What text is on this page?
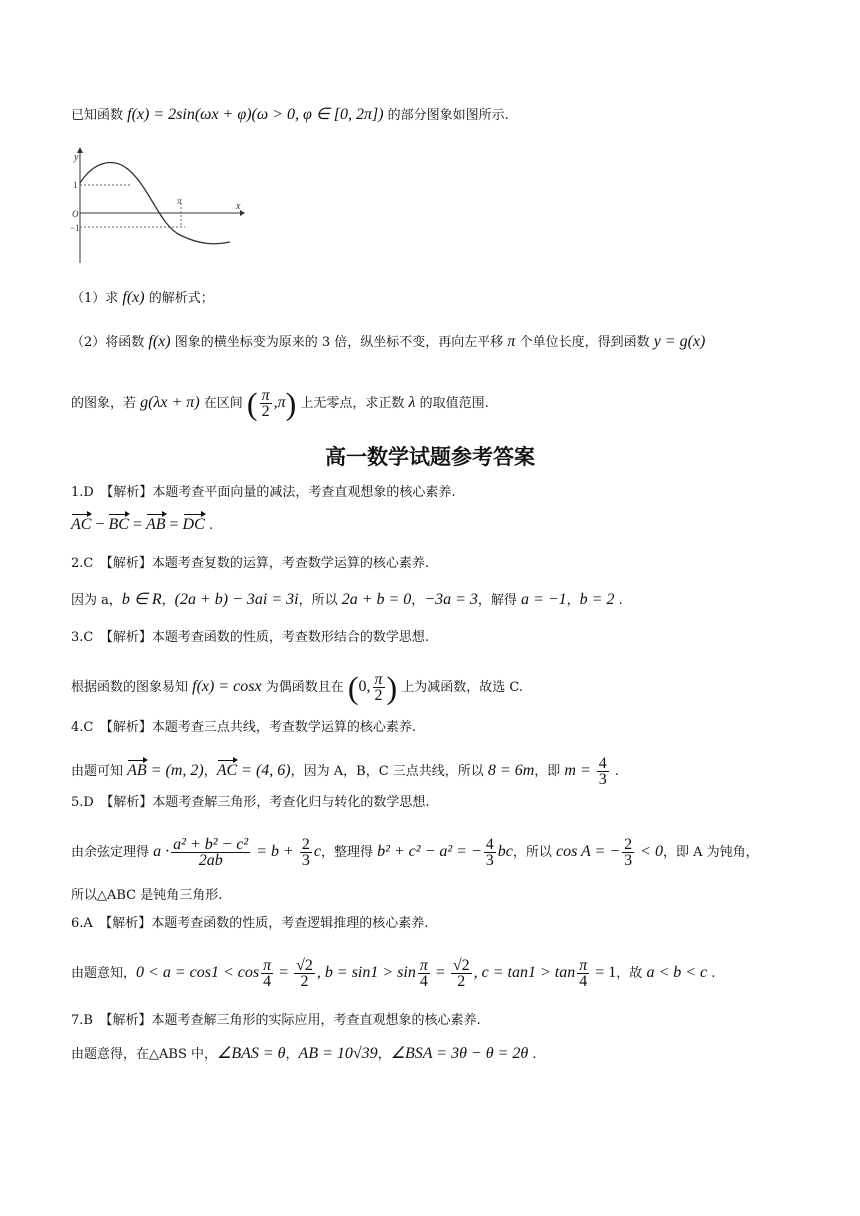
已知函数 f(x) = 2sin(ωx + φ)(ω > 0, φ ∈ [0, 2π]) 的部分图象如图所示.
y
x
O
1
−1
π
（1）求 f(x) 的解析式；
（2）将函数 f(x) 图象的横坐标变为原来的 3 倍，纵坐标不变，再向左平移 π 个单位长度，得到函数 y = g(x)
的图象，若 g(λx + π) 在区间 ( $\frac{\pi}{2} ,\pi$) 上无零点，求正数 λ 的取值范围.
高一数学试题参考答案
1.D　【解析】本题考查平面向量的减法，考查直观想象的核心素养.
AC − BC = AB = DC .
2.C　【解析】本题考查复数的运算，考查数学运算的核心素养.
因为 a，b ∈ R，(2a + b) − 3ai = 3i，所以 2a + b = 0，−3a = 3，解得 a = −1，b = 2 .
3.C　【解析】本题考查函数的性质，考查数形结合的数学思想.
根据函数的图象易知 f(x) = cosx 为偶函数且在 (0, $\frac{\pi}{2}$ ) 上为减函数，故选 C.
4.C　【解析】本题考查三点共线，考查数学运算的核心素养.
由题可知 AB = (m, 2)，AC = (4, 6)，因为 A，B，C 三点共线，所以 8 = 6m，即 $m = \frac{4}{3}$ .
5.D　【解析】本题考查解三角形，考查化归与转化的数学思想.
由余弦定理得 $a \cdot \frac{\text{a² + b² − c²}}{2ab} = b + \frac{2}{3}$ c，整理得 b² + c² − a² = − $\frac{4}{3}$ bc，所以 cos A = − $\frac{2}{3} < 0$，即 A 为钝角，
所以△ABC 是钝角三角形.
6.A　【解析】本题考查函数的性质，考查逻辑推理的核心素养.
由题意知，$0 < a = \cos 1 < \cos \frac{\pi}{4} = \frac{√2}{2}$ , $b = \sin 1 > \sin \frac{\pi}{4} = \frac{√2}{2}$ , $c = \tan 1 > \tan \frac{\pi}{4} = 1$，故 a < b < c .
7.B　【解析】本题考查解三角形的实际应用，考查直观想象的核心素养.
由题意得，在△ABS 中，∠BAS = θ，AB = 10√39，∠BSA = 3θ − θ = 2θ .
